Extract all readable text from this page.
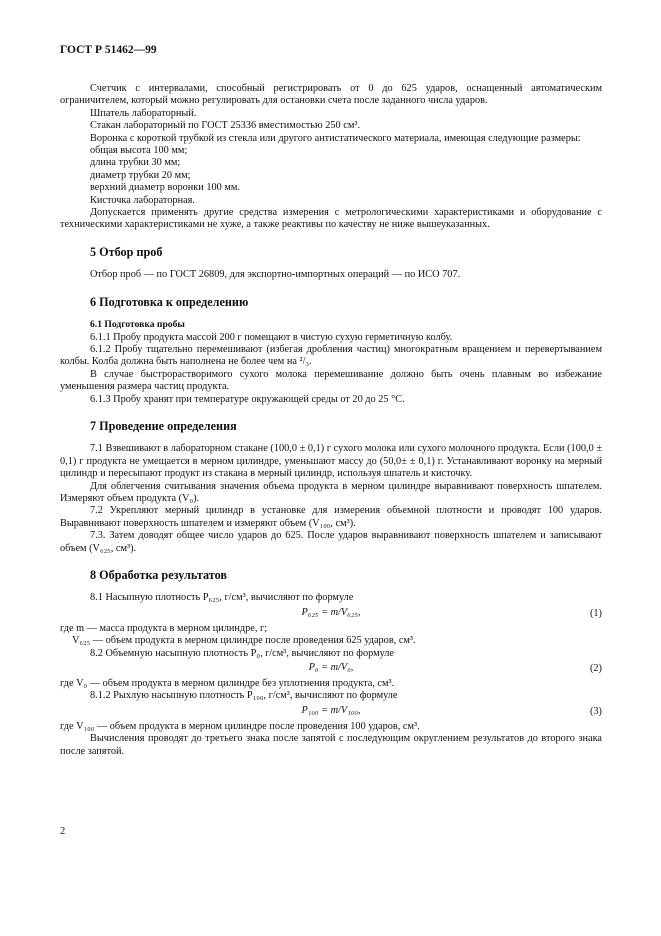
ГОСТ Р 51462—99

Счетчик с интервалами, способный регистрировать от 0 до 625 ударов, оснащенный автоматическим ограничителем, который можно регулировать для остановки счета после заданного числа ударов.

Шпатель лабораторный.

Стакан лабораторный по ГОСТ 25336 вместимостью 250 см³.

Воронка с короткой трубкой из стекла или другого антистатического материала, имеющая следующие размеры:

общая высота 100 мм;

длина трубки 30 мм;

диаметр трубки 20 мм;

верхний диаметр воронки 100 мм.

Кисточка лабораторная.

Допускается применять другие средства измерения с метрологическими характеристиками и оборудование с техническими характеристиками не хуже, а также реактивы по качеству не ниже вышеуказанных.

5 Отбор проб

Отбор проб — по ГОСТ 26809, для экспортно-импортных операций — по ИСО 707.

6 Подготовка к определению
6.1 Подготовка пробы

6.1.1 Пробу продукта массой 200 г помещают в чистую сухую герметичную колбу.

6.1.2 Пробу тщательно перемешивают (избегая дробления частиц) многократным вращением и перевертыванием колбы. Колба должна быть наполнена не более чем на ²/₃.

В случае быстрорастворимого сухого молока перемешивание должно быть очень плавным во избежание уменьшения размера частиц продукта.

6.1.3 Пробу хранят при температуре окружающей среды от 20 до 25 °С.

7 Проведение определения

7.1 Взвешивают в лабораторном стакане (100,0 ± 0,1) г сухого молока или сухого молочного продукта. Если (100,0 ± 0,1) г продукта не умещается в мерном цилиндре, уменьшают массу до (50,0± ± 0,1) г. Устанавливают воронку на мерный цилиндр и пересыпают продукт из стакана в мерный цилиндр, используя шпатель и кисточку.

Для облегчения считывания значения объема продукта в мерном цилиндре выравнивают поверхность шпателем. Измеряют объем продукта (V₀).

7.2 Укрепляют мерный цилиндр в установке для измерения объемной плотности и проводят 100 ударов. Выравнивают поверхность шпателем и измеряют объем (V₁₀₀, см³).

7.3. Затем доводят общее число ударов до 625. После ударов выравнивают поверхность шпателем и записывают объем (V₆₂₅, см³).

8 Обработка результатов

8.1 Насыпную плотность P₆₂₅, г/см³, вычисляют по формуле

P₆₂₅ = m/V₆₂₅,	(1)

где m — масса продукта в мерном цилиндре, г;

V₆₂₅ — объем продукта в мерном цилиндре после проведения 625 ударов, см³.

8.2 Объемную насыпную плотность P₀, г/см³, вычисляют по формуле

P₀ = m/V₀,	(2)

где V₀ — объем продукта в мерном цилиндре без уплотнения продукта, см³.

8.1.2 Рыхлую насыпную плотность P₁₀₀, г/см³, вычисляют по формуле

P₁₀₀ = m/V₁₀₀,	(3)

где V₁₀₀ — объем продукта в мерном цилиндре после проведения 100 ударов, см³.

Вычисления проводят до третьего знака после запятой с последующим округлением результатов до второго знака после запятой.

2
